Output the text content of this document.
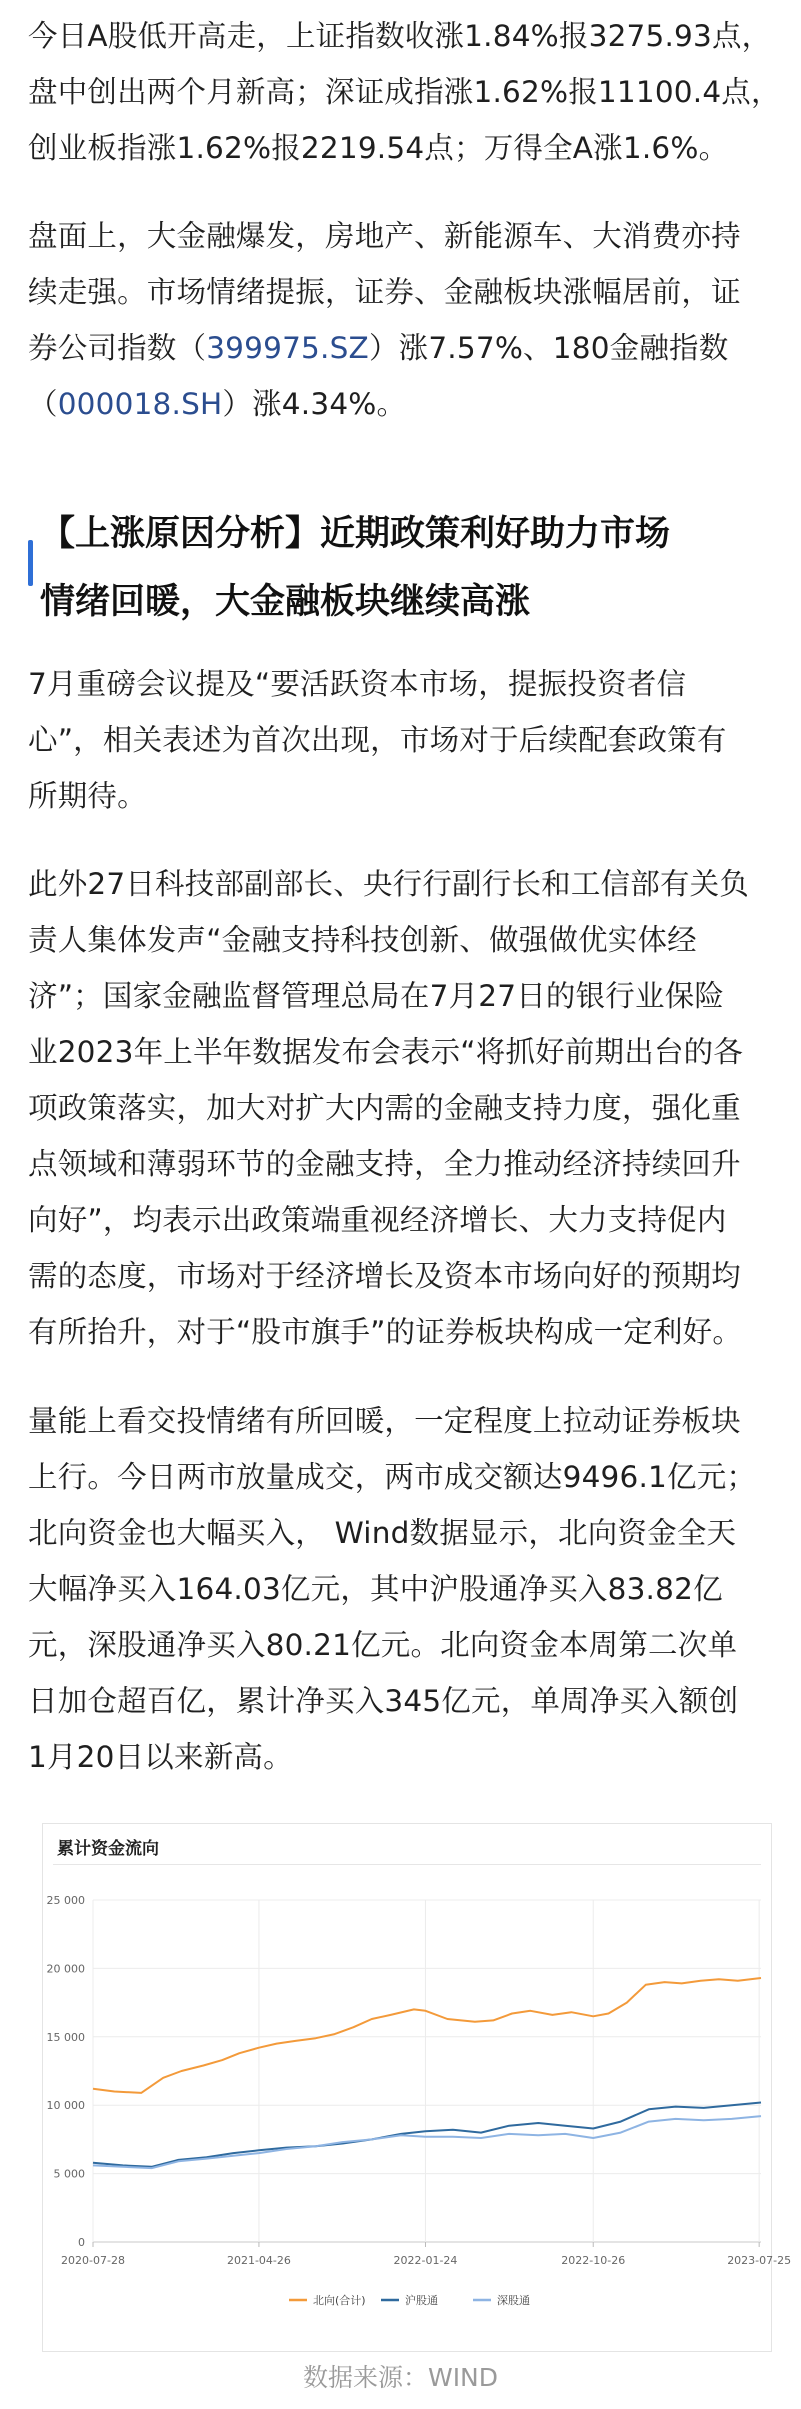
今日A股低开高走，上证指数收涨1.84%报3275.93点，
盘中创出两个月新高；深证成指涨1.62%报11100.4点，
创业板指涨1.62%报2219.54点；万得全A涨1.6%。

盘面上，大金融爆发，房地产、新能源车、大消费亦持
续走强。市场情绪提振，证券、金融板块涨幅居前，证
券公司指数（399975.SZ）涨7.57%、180金融指数
（000018.SH）涨4.34%。

【上涨原因分析】近期政策利好助力市场
情绪回暖，大金融板块继续高涨

7月重磅会议提及“要活跃资本市场，提振投资者信
心”，相关表述为首次出现，市场对于后续配套政策有
所期待。

此外27日科技部副部长、央行行副行长和工信部有关负
责人集体发声“金融支持科技创新、做强做优实体经
济”；国家金融监督管理总局在7月27日的银行业保险
业2023年上半年数据发布会表示“将抓好前期出台的各
项政策落实，加大对扩大内需的金融支持力度，强化重
点领域和薄弱环节的金融支持，全力推动经济持续回升
向好”，均表示出政策端重视经济增长、大力支持促内
需的态度，市场对于经济增长及资本市场向好的预期均
有所抬升，对于“股市旗手”的证券板块构成一定利好。

量能上看交投情绪有所回暖，一定程度上拉动证券板块
上行。今日两市放量成交，两市成交额达9496.1亿元；
北向资金也大幅买入， Wind数据显示，北向资金全天
大幅净买入164.03亿元，其中沪股通净买入83.82亿
元，深股通净买入80.21亿元。北向资金本周第二次单
日加仓超百亿，累计净买入345亿元，单周净买入额创
1月20日以来新高。

累计资金流向
0
5 000
10 000
15 000
20 000
25 000
2020-07-28	2021-04-26	2022-01-24	2022-10-26	2023-07-25
北向(合计)	沪股通	深股通
数据来源：WIND
